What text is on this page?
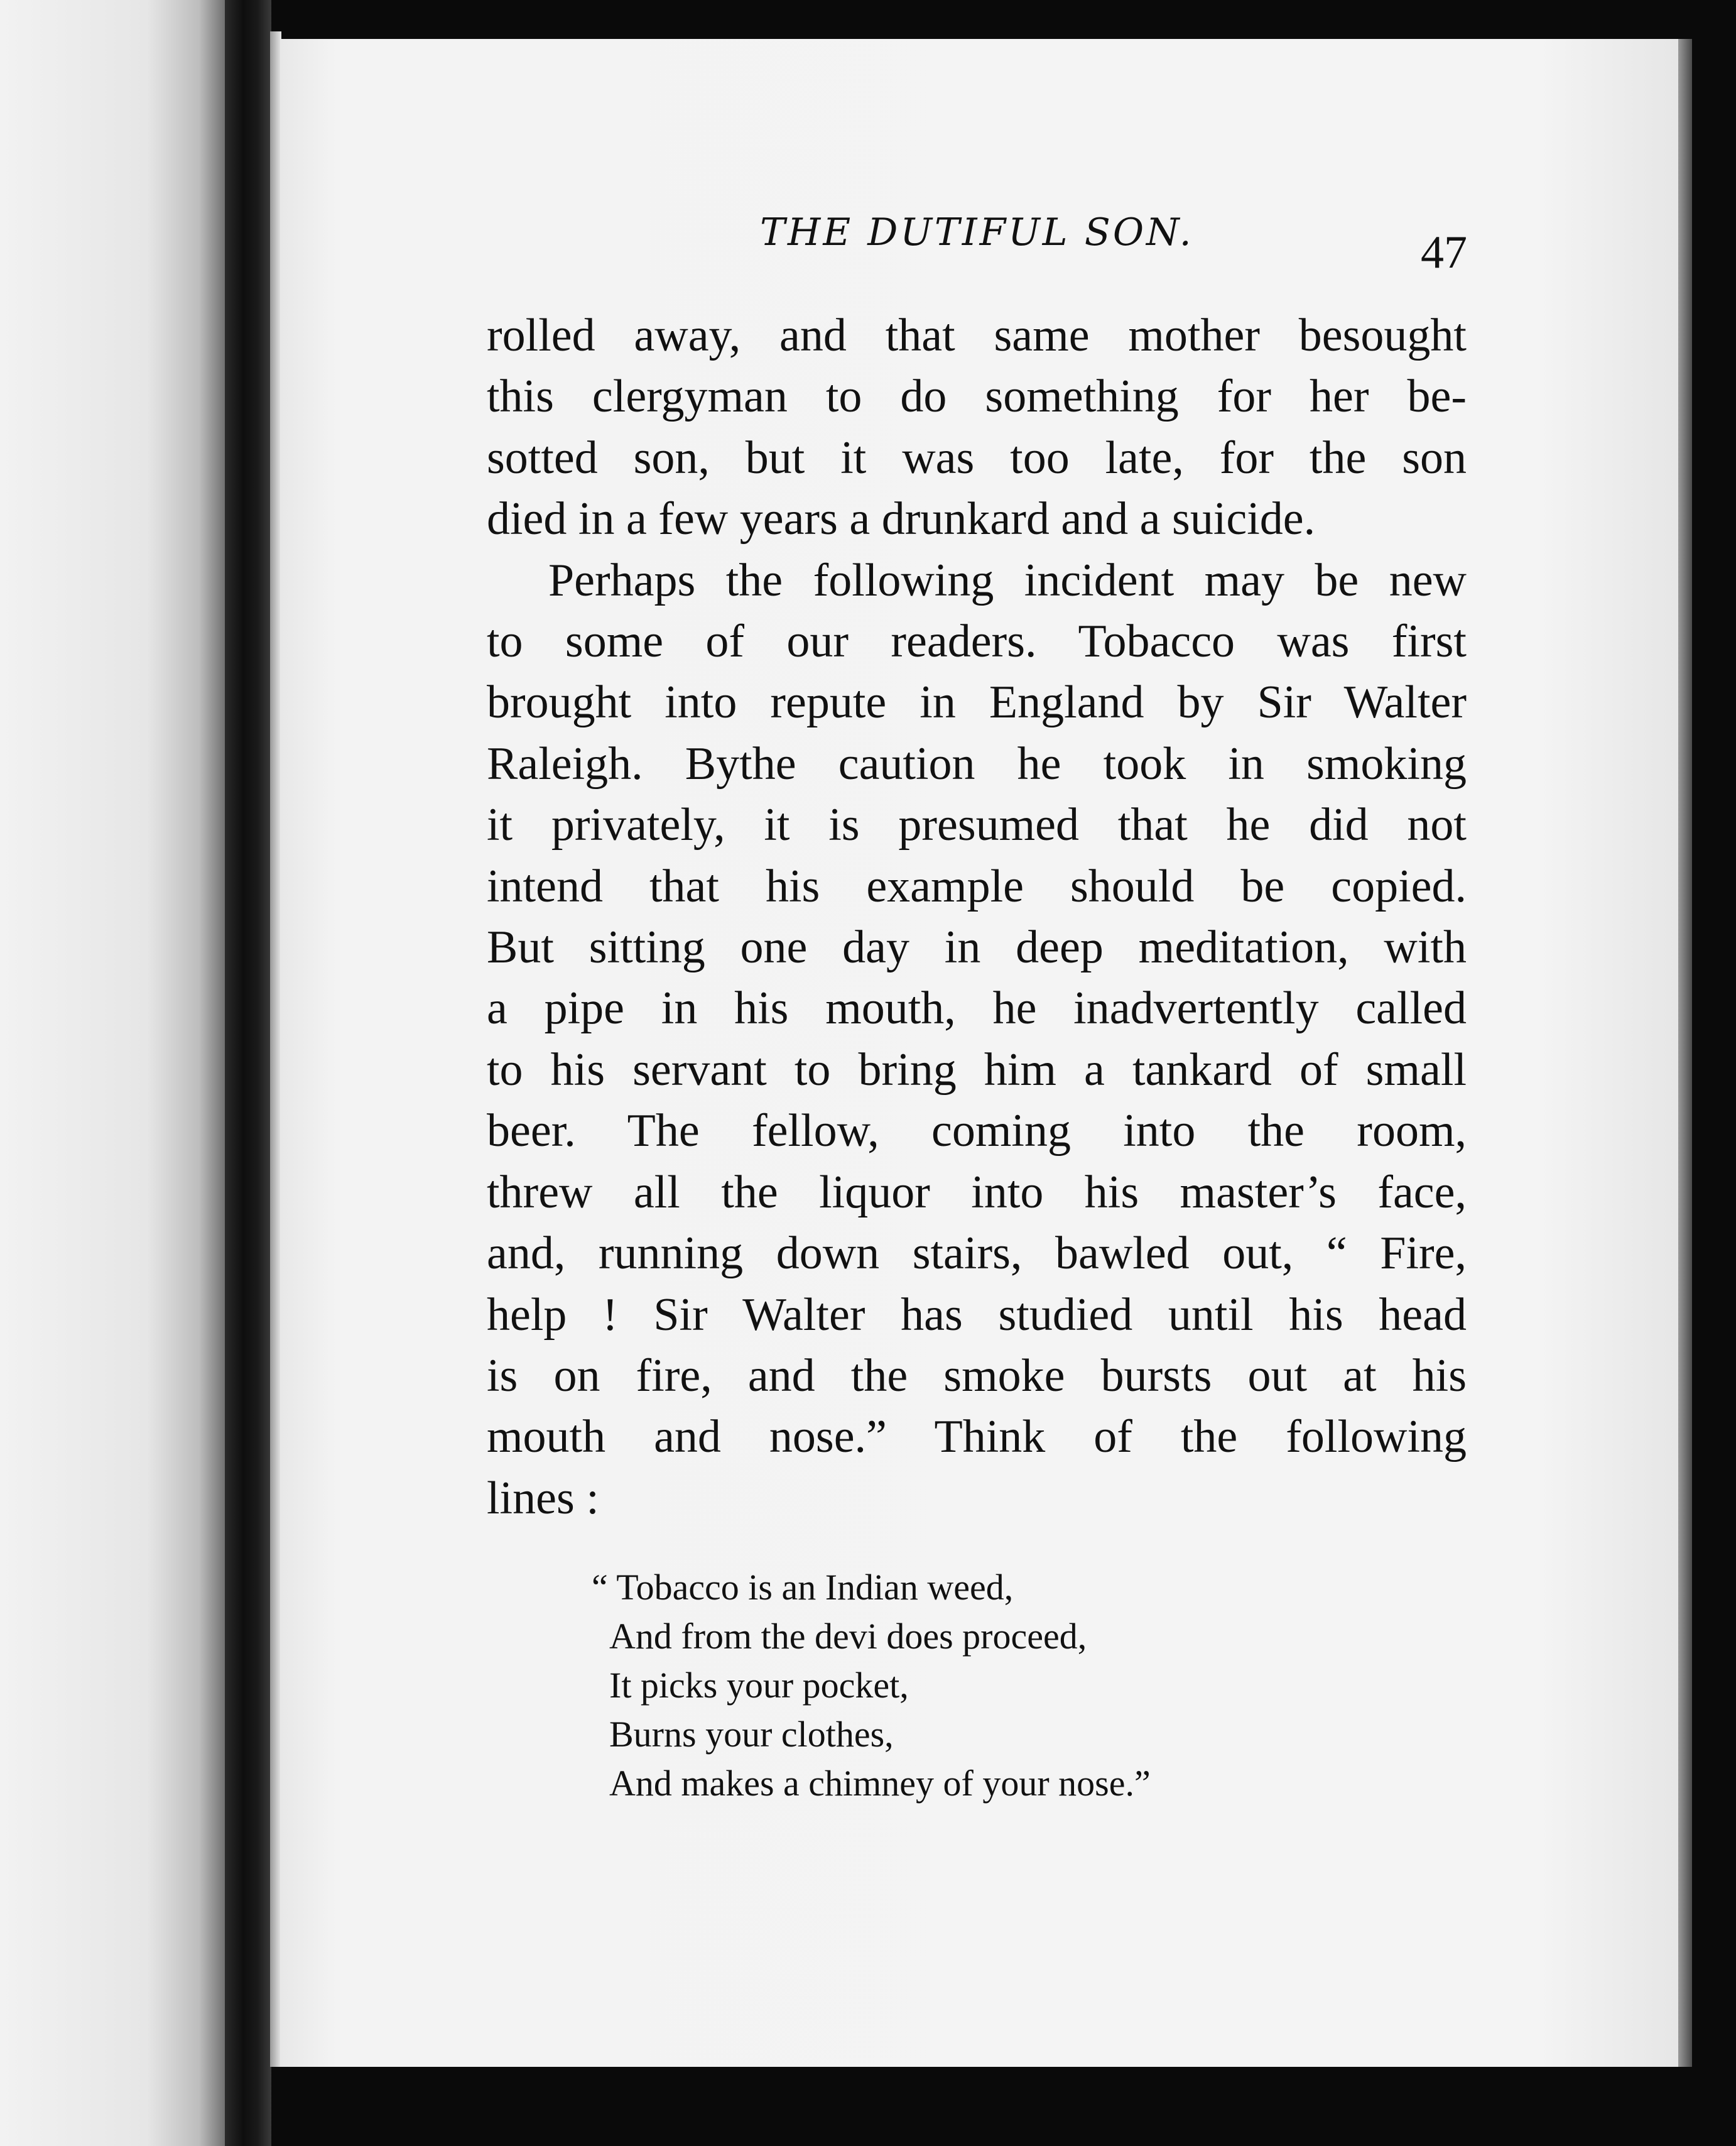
THE DUTIFUL SON.	47
rolled away, and that same mother besought
this clergyman to do something for her be-
sotted son, but it was too late, for the son
died in a few years a drunkard and a suicide.
Perhaps the following incident may be new
to some of our readers. Tobacco was first
brought into repute in England by Sir Walter
Raleigh. Bythe caution he took in smoking
it privately, it is presumed that he did not
intend that his example should be copied.
But sitting one day in deep meditation, with
a pipe in his mouth, he inadvertently called
to his servant to bring him a tankard of small
beer. The fellow, coming into the room,
threw all the liquor into his master’s face,
and, running down stairs, bawled out, “ Fire,
help ! Sir Walter has studied until his head
is on fire, and the smoke bursts out at his
mouth and nose.” Think of the following
lines :
“ Tobacco is an Indian weed,
And from the devi does proceed,
It picks your pocket,
Burns your clothes,
And makes a chimney of your nose.”
